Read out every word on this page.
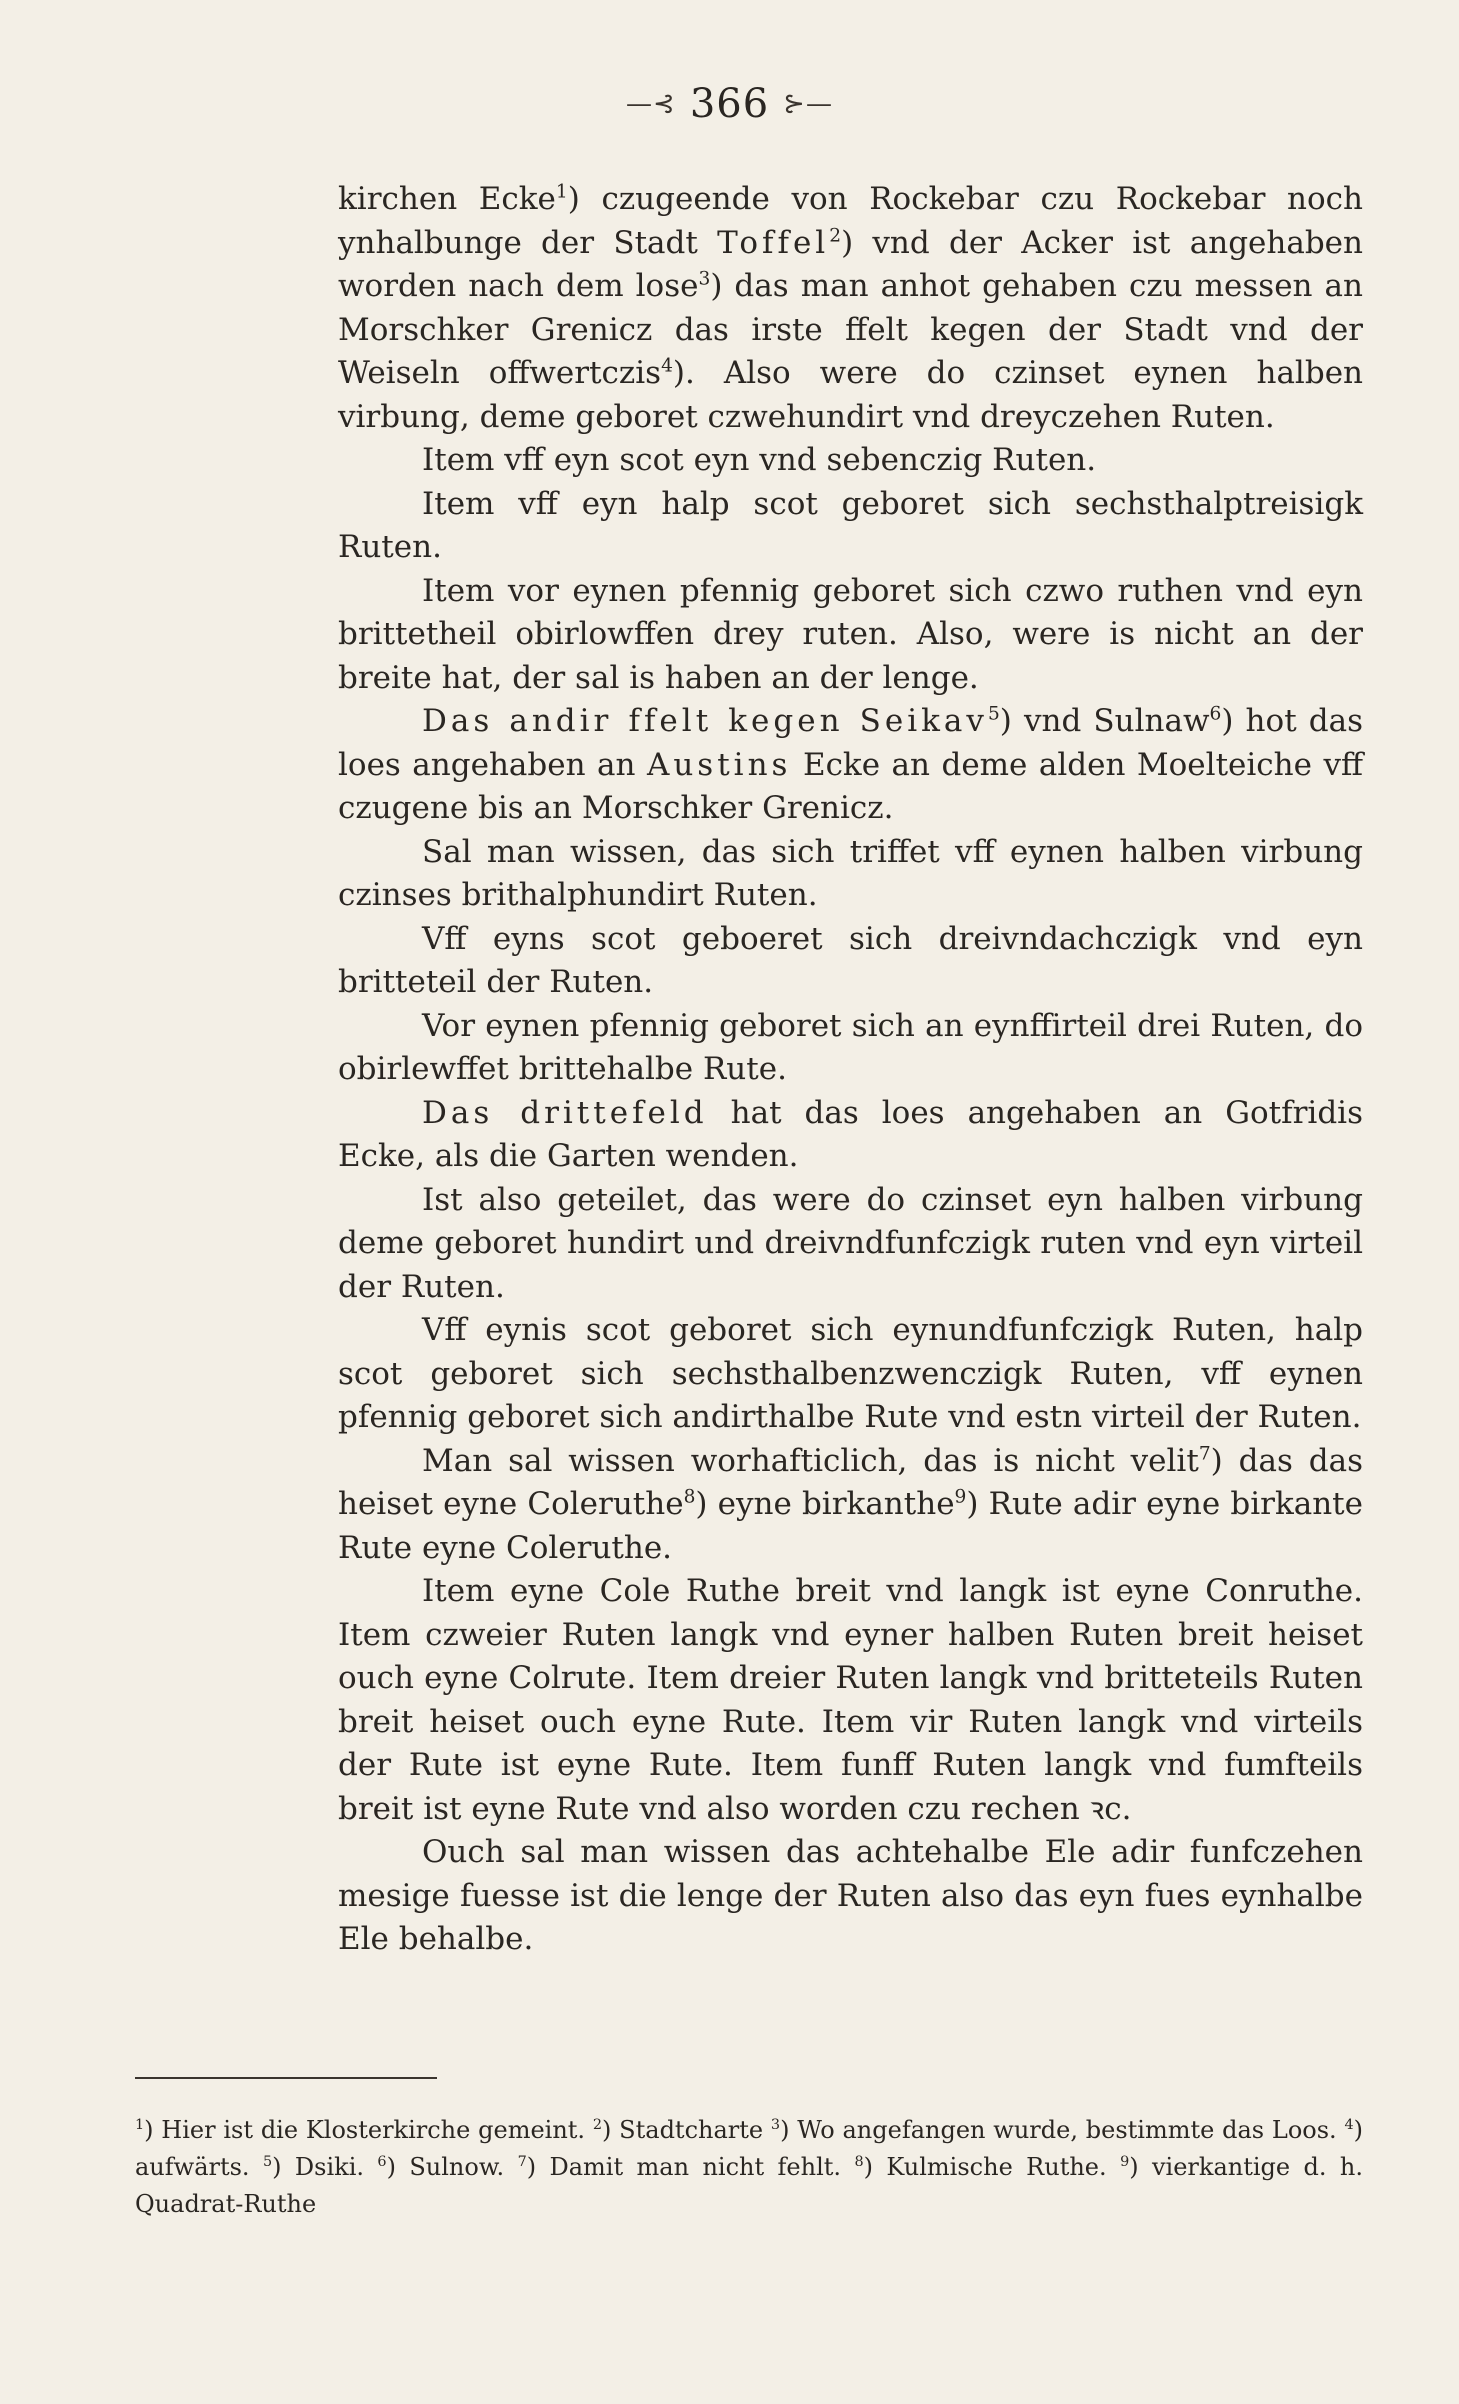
—⊰ 366 ⊱—

kirchen Ecke$^1$) czugeende von Rockebar czu Rockebar noch ynhalbunge der Stadt Toffel$^2$) vnd der Acker ist angehaben worden nach dem lose$^3$) das man anhot gehaben czu messen an Morschker Grenicz das irste ffelt kegen der Stadt vnd der Weiseln offwertczis$^4$). Also were do czinset eynen halben virbung, deme geboret czwehundirt vnd dreyczehen Ruten.

Item vff eyn scot eyn vnd sebenczig Ruten.

Item vff eyn halp scot geboret sich sechsthalptreisigk Ruten.

Item vor eynen pfennig geboret sich czwo ruthen vnd eyn brittetheil obirlowffen drey ruten. Also, were is nicht an der breite hat, der sal is haben an der lenge.

Das andir ffelt kegen Seikav$^5$) vnd Sulnaw$^6$) hot das loes angehaben an Austins Ecke an deme alden Moelteiche vff czugene bis an Morschker Grenicz.

Sal man wissen, das sich triffet vff eynen halben virbung czinses brithalphundirt Ruten.

Vff eyns scot geboeret sich dreivndachczigk vnd eyn britteteil der Ruten.

Vor eynen pfennig geboret sich an eynffirteil drei Ruten, do obirlewffet brittehalbe Rute.

Das drittefeld hat das loes angehaben an Gotfridis Ecke, als die Garten wenden.

Ist also geteilet, das were do czinset eyn halben virbung deme geboret hundirt und dreivndfunfczigk ruten vnd eyn virteil der Ruten.

Vff eynis scot geboret sich eynundfunfczigk Ruten, halp scot geboret sich sechsthalbenzwenczigk Ruten, vff eynen pfennig geboret sich andirthalbe Rute vnd estn virteil der Ruten.

Man sal wissen worhafticlich, das is nicht velit$^7$) das das heiset eyne Coleruthe$^8$) eyne birkanthe$^9$) Rute adir eyne birkante Rute eyne Coleruthe.

Item eyne Cole Ruthe breit vnd langk ist eyne Conruthe. Item czweier Ruten langk vnd eyner halben Ruten breit heiset ouch eyne Colrute. Item dreier Ruten langk vnd britteteils Ruten breit heiset ouch eyne Rute. Item vir Ruten langk vnd virteils der Rute ist eyne Rute. Item funff Ruten langk vnd fumfteils breit ist eyne Rute vnd also worden czu rechen ꝛc.

Ouch sal man wissen das achtehalbe Ele adir funfczehen mesige fuesse ist die lenge der Ruten also das eyn fues eynhalbe Ele behalbe.

$^1$) Hier ist die Klosterkirche gemeint. $^2$) Stadtcharte $^3$) Wo angefangen wurde, bestimmte das Loos. $^4$) aufwärts. $^5$) Dsiki. $^6$) Sulnow. $^7$) Damit man nicht fehlt. $^8$) Kulmische Ruthe. $^9$) vierkantige d. h. Quadrat-Ruthe
